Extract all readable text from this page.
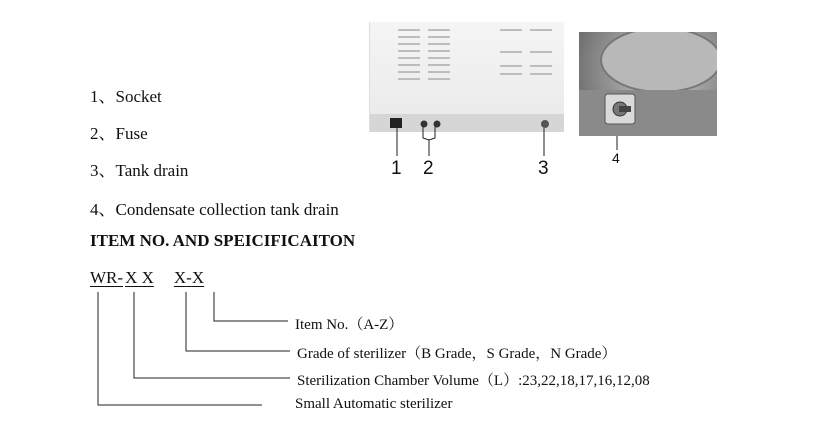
1、Socket
2、Fuse
3、Tank drain
4、Condensate collection tank drain
1 2	3	4
ITEM NO. AND SPEICIFICAITON
WR- X X X-X
Item No.（A-Z）
Grade of sterilizer（B Grade，S Grade，N Grade）
Sterilization Chamber Volume（L）:23,22,18,17,16,12,08
Small Automatic sterilizer
